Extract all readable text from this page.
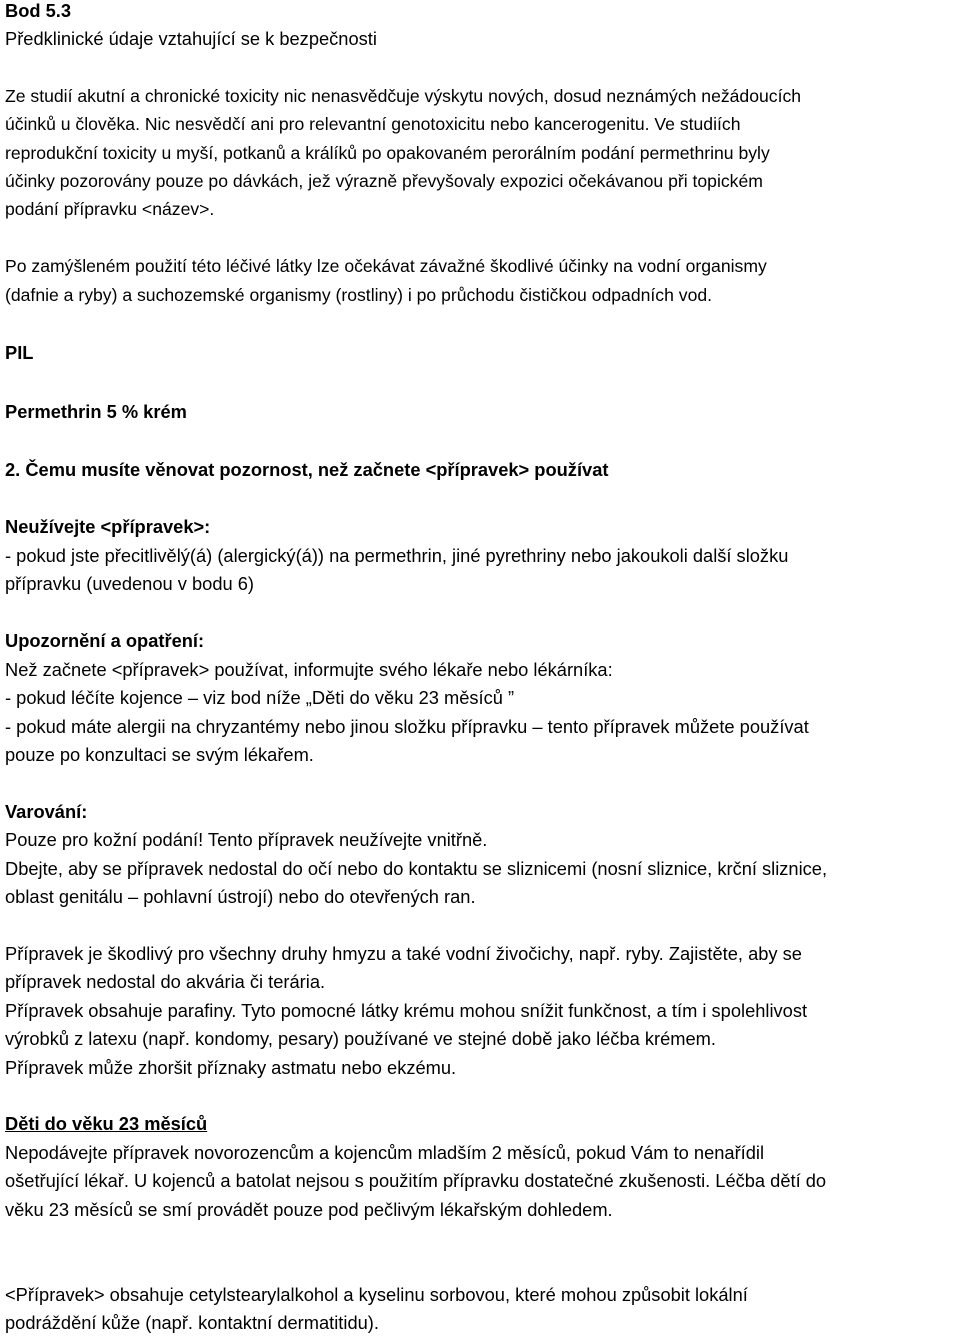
Bod 5.3
Předklinické údaje vztahující se k bezpečnosti
Ze studií akutní a chronické toxicity nic nenasvědčuje výskytu nových, dosud neznámých nežádoucích
účinků u člověka. Nic nesvědčí ani pro relevantní genotoxicitu nebo kancerogenitu. Ve studiích
reprodukční toxicity u myší, potkanů a králíků po opakovaném perorálním podání permethrinu byly
účinky pozorovány pouze po dávkách, jež výrazně převyšovaly expozici očekávanou při topickém
podání přípravku <název>.
Po zamýšleném použití této léčivé látky lze očekávat závažné škodlivé účinky na vodní organismy
(dafnie a ryby) a suchozemské organismy (rostliny) i po průchodu čističkou odpadních vod.
PIL
Permethrin 5 % krém
2. Čemu musíte věnovat pozornost, než začnete <přípravek> používat
Neužívejte <přípravek>:
- pokud jste přecitlivělý(á) (alergický(á)) na permethrin, jiné pyrethriny nebo jakoukoli další složku
přípravku (uvedenou v bodu 6)
Upozornění a opatření:
Než začnete <přípravek> používat, informujte svého lékaře nebo lékárníka:
- pokud léčíte kojence – viz bod níže „Děti do věku 23 měsíců ”
- pokud máte alergii na chryzantémy nebo jinou složku přípravku – tento přípravek můžete používat
pouze po konzultaci se svým lékařem.
Varování:
Pouze pro kožní podání! Tento přípravek neužívejte vnitřně.
Dbejte, aby se přípravek nedostal do očí nebo do kontaktu se sliznicemi (nosní sliznice, krční sliznice,
oblast genitálu – pohlavní ústrojí) nebo do otevřených ran.
Přípravek je škodlivý pro všechny druhy hmyzu a také vodní živočichy, např. ryby. Zajistěte, aby se
přípravek nedostal do akvária či terária.
Přípravek obsahuje parafiny. Tyto pomocné látky krému mohou snížit funkčnost, a tím i spolehlivost
výrobků z latexu (např. kondomy, pesary) používané ve stejné době jako léčba krémem.
Přípravek může zhoršit příznaky astmatu nebo ekzému.
Děti do věku 23 měsíců
Nepodávejte přípravek novorozencům a kojencům mladším 2 měsíců, pokud Vám to nenařídil
ošetřující lékař. U kojenců a batolat nejsou s použitím přípravku dostatečné zkušenosti. Léčba dětí do
věku 23 měsíců se smí provádět pouze pod pečlivým lékařským dohledem.
<Přípravek> obsahuje cetylstearylalkohol a kyselinu sorbovou, které mohou způsobit lokální
podráždění kůže (např. kontaktní dermatitidu).
